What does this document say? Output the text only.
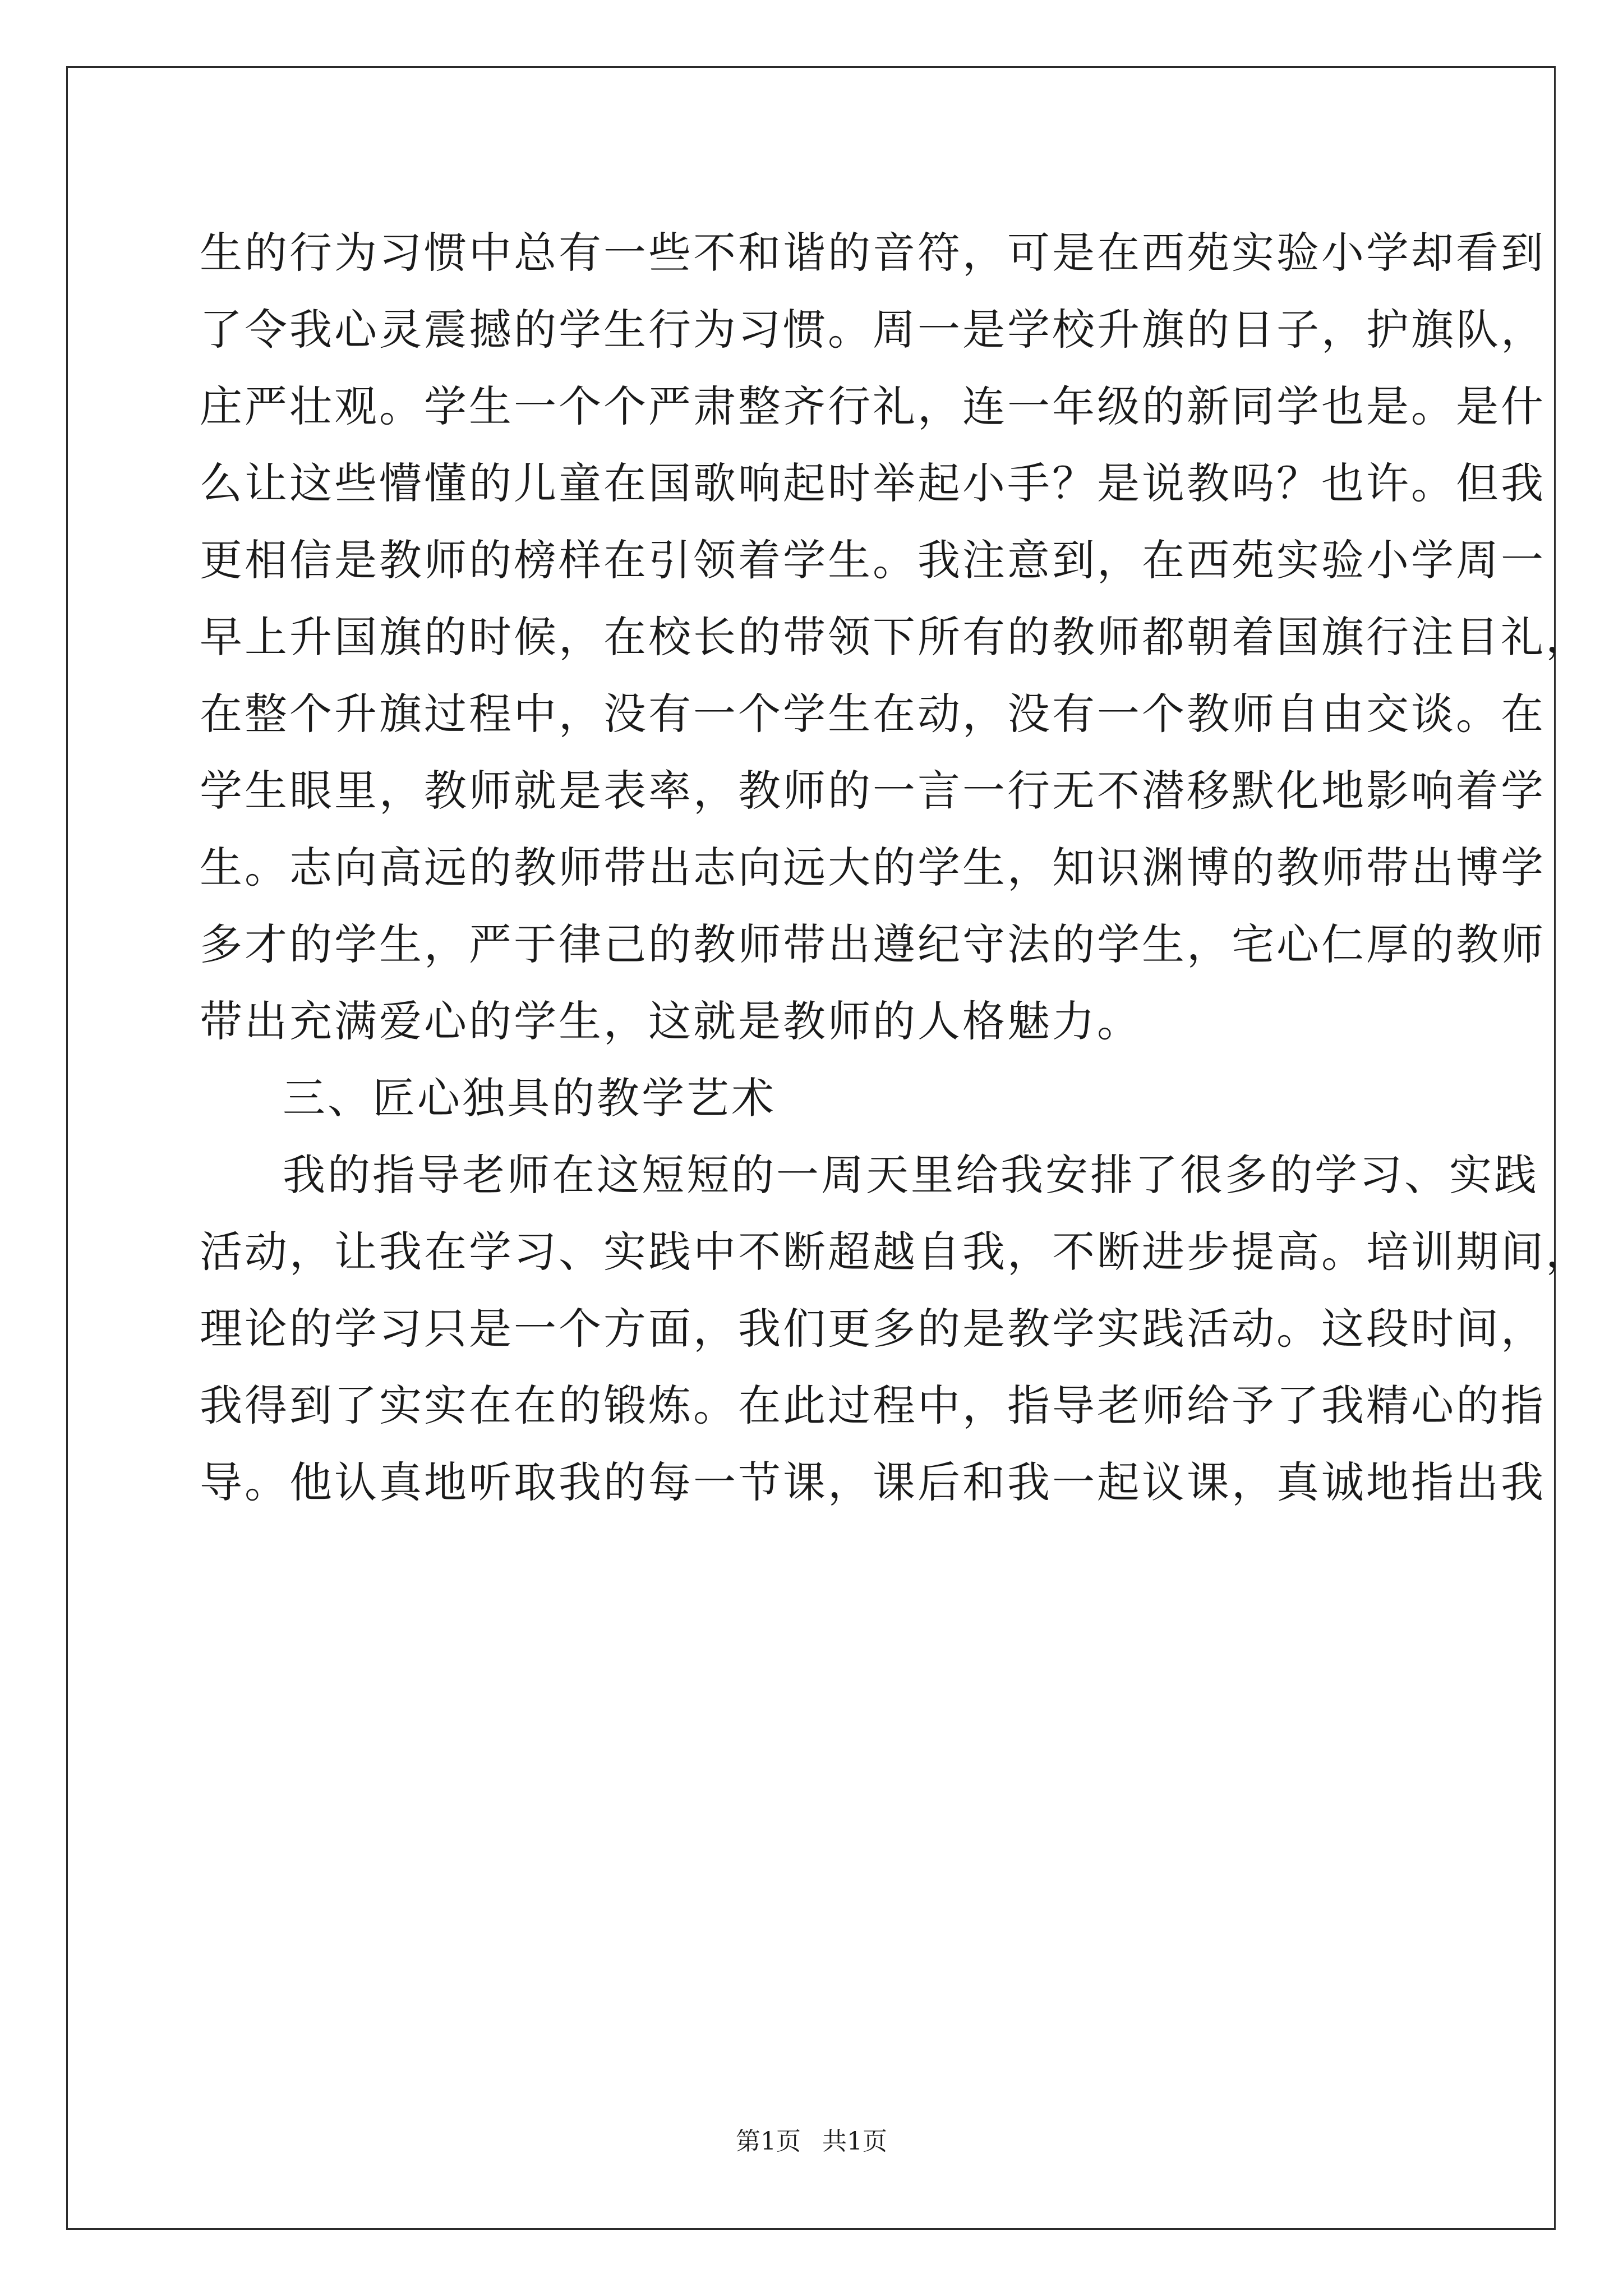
生的行为习惯中总有一些不和谐的音符，可是在西苑实验小学却看到
了令我心灵震撼的学生行为习惯。周一是学校升旗的日子，护旗队，
庄严壮观。学生一个个严肃整齐行礼，连一年级的新同学也是。是什
么让这些懵懂的儿童在国歌响起时举起小手？是说教吗？也许。但我
更相信是教师的榜样在引领着学生。我注意到，在西苑实验小学周一
早上升国旗的时候，在校长的带领下所有的教师都朝着国旗行注目礼，
在整个升旗过程中，没有一个学生在动，没有一个教师自由交谈。在
学生眼里，教师就是表率，教师的一言一行无不潜移默化地影响着学
生。志向高远的教师带出志向远大的学生，知识渊博的教师带出博学
多才的学生，严于律己的教师带出遵纪守法的学生，宅心仁厚的教师
带出充满爱心的学生，这就是教师的人格魅力。
三、匠心独具的教学艺术
我的指导老师在这短短的一周天里给我安排了很多的学习、实践
活动，让我在学习、实践中不断超越自我，不断进步提高。培训期间，
理论的学习只是一个方面，我们更多的是教学实践活动。这段时间，
我得到了实实在在的锻炼。在此过程中，指导老师给予了我精心的指
导。他认真地听取我的每一节课，课后和我一起议课，真诚地指出我
第1页 共1页
